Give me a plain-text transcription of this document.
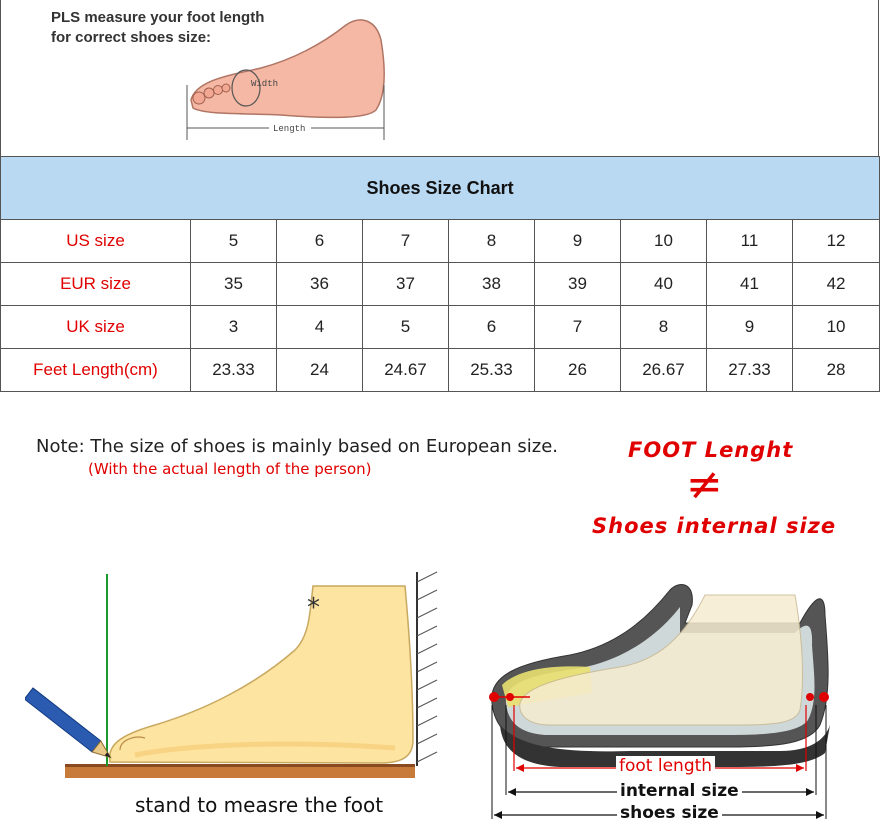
PLS measure your foot length
for correct shoes size:
Length
Width
Shoes Size Chart								
US size	5	6	7	8	9	10	11	12
EUR size	35	36	37	38	39	40	41	42
UK size	3	4	5	6	7	8	9	10
Feet Length(cm)	23.33	24	24.67	25.33	26	26.67	27.33	28
Note: The size of shoes is mainly based on European size.
(With the actual length of the person)
FOOT Lenght
≠
Shoes internal size
*
stand to measre the foot
foot length
internal size
shoes size
